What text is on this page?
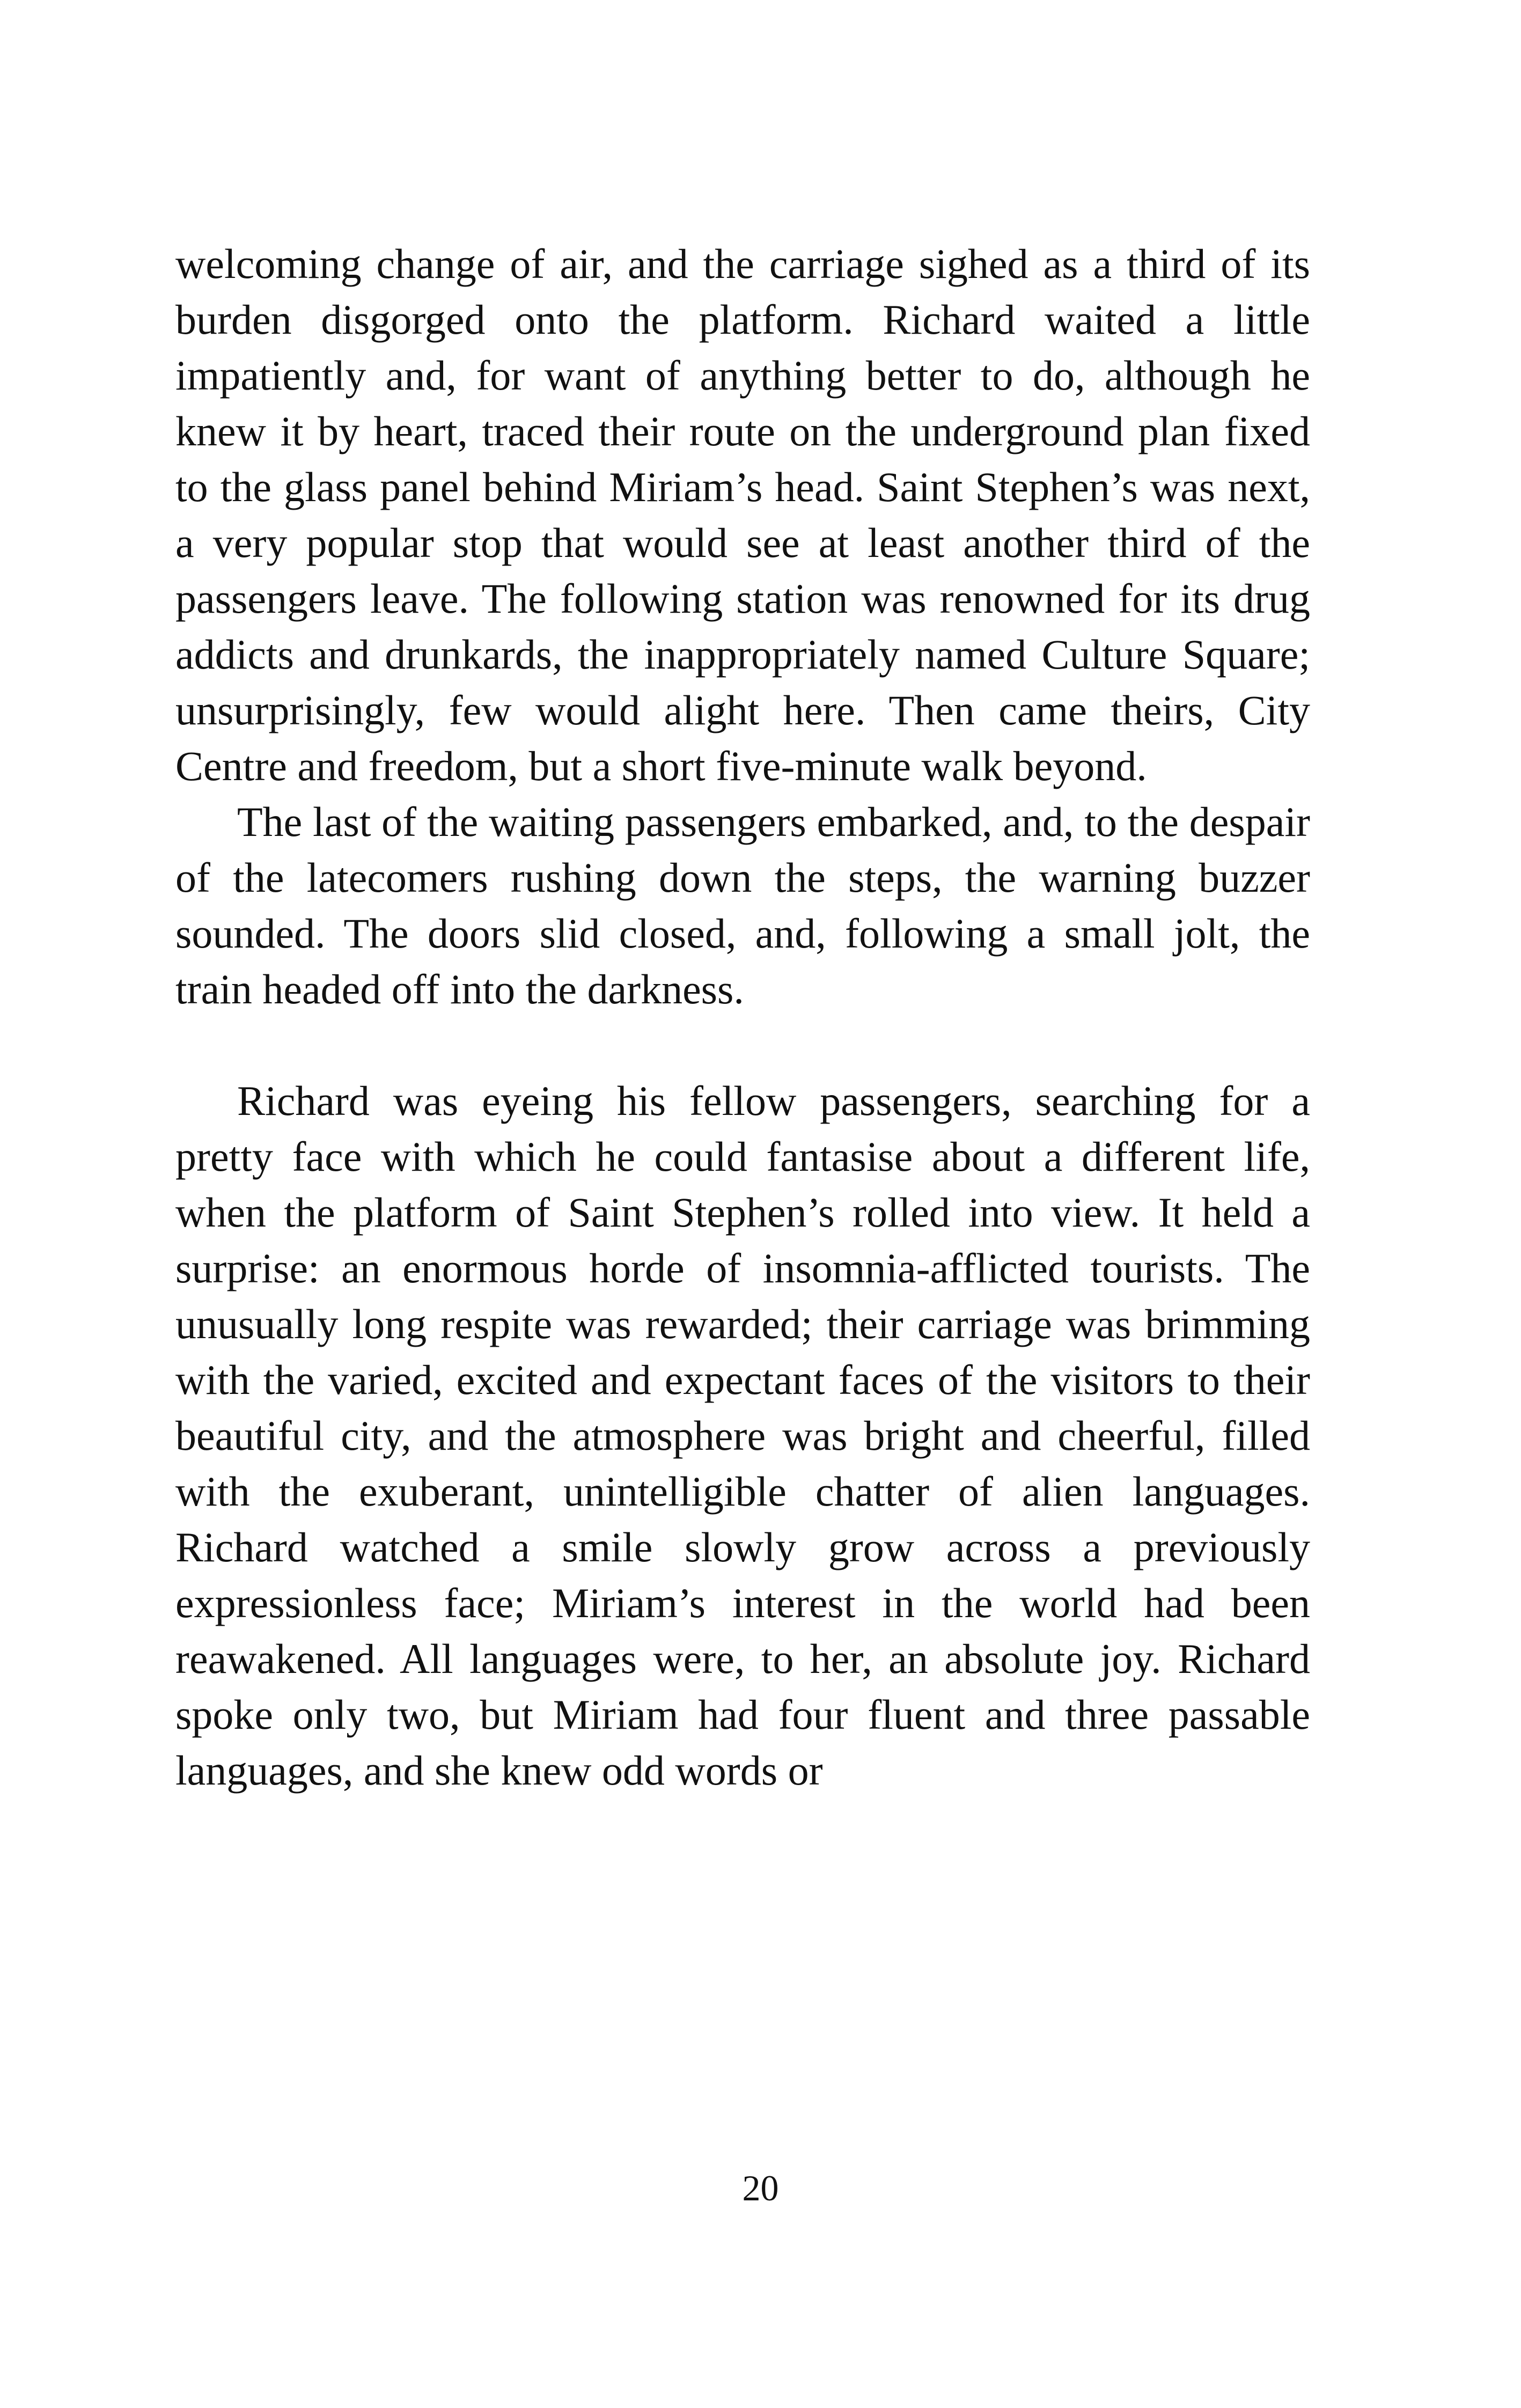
welcoming change of air, and the carriage sighed as a third of its burden disgorged onto the platform. Richard waited a little impatiently and, for want of anything better to do, although he knew it by heart, traced their route on the underground plan fixed to the glass panel behind Miriam’s head. Saint Stephen’s was next, a very popular stop that would see at least another third of the passengers leave. The following station was renowned for its drug addicts and drunkards, the inappropriately named Culture Square; unsurprisingly, few would alight here. Then came theirs, City Centre and freedom, but a short five-minute walk beyond.

The last of the waiting passengers embarked, and, to the despair of the latecomers rushing down the steps, the warning buzzer sounded. The doors slid closed, and, following a small jolt, the train headed off into the darkness.

Richard was eyeing his fellow passengers, searching for a pretty face with which he could fantasise about a different life, when the platform of Saint Stephen’s rolled into view. It held a surprise: an enormous horde of insomnia-afflicted tourists. The unusually long respite was rewarded; their carriage was brimming with the varied, excited and expectant faces of the visitors to their beautiful city, and the atmosphere was bright and cheerful, filled with the exuberant, unintelligible chatter of alien languages. Richard watched a smile slowly grow across a previously expressionless face; Miriam’s interest in the world had been reawakened. All languages were, to her, an absolute joy. Richard spoke only two, but Miriam had four fluent and three passable languages, and she knew odd words or

20
